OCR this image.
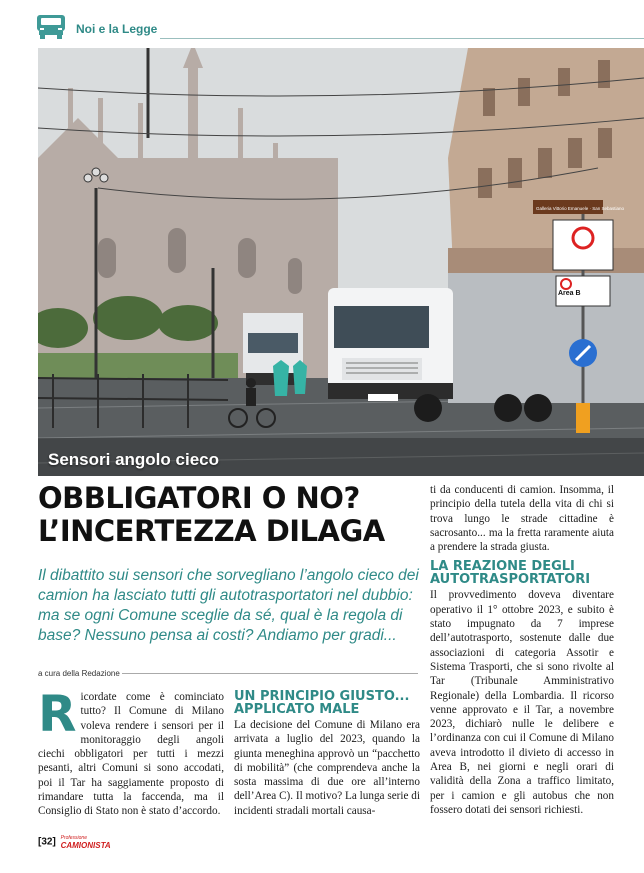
Noi e la Legge
Area B
Galleria Vittorio Emanuele · San Sebastiano
Sensori angolo cieco
OBBLIGATORI O NO?
L’INCERTEZZA DILAGA
Il dibattito sui sensori che sorvegliano l’angolo cieco dei camion ha lasciato tutti gli autotrasportatori nel dubbio: ma se ogni Comune sceglie da sé, qual è la regola di base? Nessuno pensa ai costi? Andiamo per gradi...
a cura della Redazione
Ricordate come è cominciato tutto? Il Comune di Milano voleva rendere i sensori per il monitoraggio degli angoli ciechi obbligatori per tutti i mezzi pesanti, altri Comuni si sono accodati, poi il Tar ha saggiamente proposto di rimandare tutta la faccenda, ma il Consiglio di Stato non è stato d’accordo.
UN PRINCIPIO GIUSTO... APPLICATO MALE
La decisione del Comune di Milano era arrivata a luglio del 2023, quando la giunta meneghina approvò un “pacchetto di mobilità” (che comprendeva anche la sosta massima di due ore all’interno dell’Area C). Il motivo? La lunga serie di incidenti stradali mortali causa-
ti da conducenti di camion. Insomma, il principio della tutela della vita di chi si trova lungo le strade cittadine è sacrosanto... ma la fretta raramente aiuta a prendere la strada giusta.
LA REAZIONE DEGLI AUTOTRASPORTATORI
Il provvedimento doveva diventare operativo il 1° ottobre 2023, e subito è stato impugnato da 7 imprese dell’autotrasporto, sostenute dalle due associazioni di categoria Assotir e Sistema Trasporti, che si sono rivolte al Tar (Tribunale Amministrativo Regionale) della Lombardia. Il ricorso venne approvato e il Tar, a novembre 2023, dichiarò nulle le delibere e l’ordinanza con cui il Comune di Milano aveva introdotto il divieto di accesso in Area B, nei giorni e negli orari di validità della Zona a traffico limitato, per i camion e gli autobus che non fossero dotati dei sensori richiesti.
[32] Professione
CAMIONISTA
